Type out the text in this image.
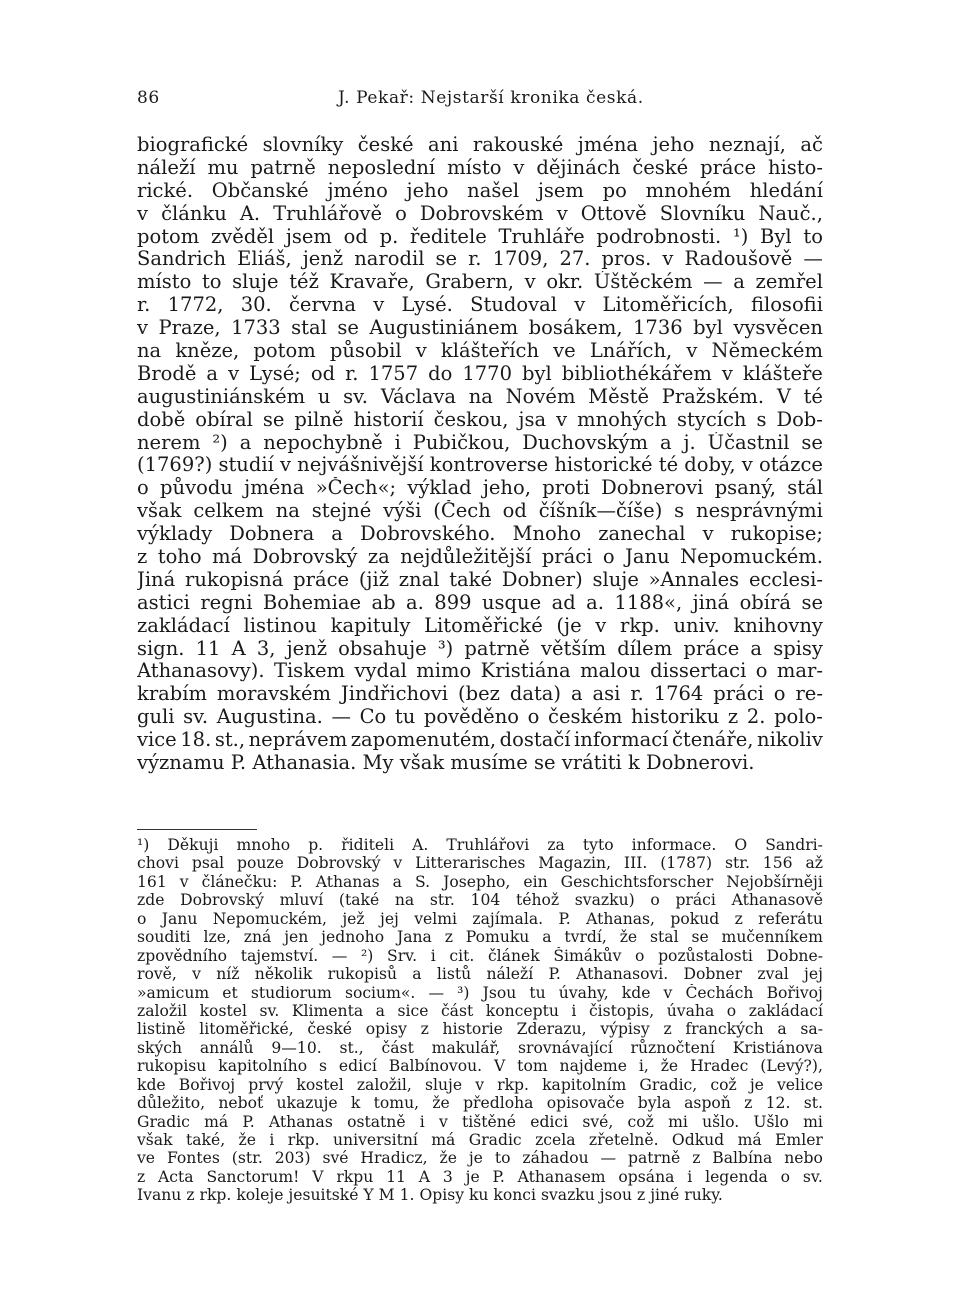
86	J. Pekař: Nejstarší kronika česká.
biografické slovníky české ani rakouské jména jeho neznají, ač
náleží mu patrně neposlední místo v dějinách české práce histo-
rické. Občanské jméno jeho našel jsem po mnohém hledání
v článku A. Truhlářově o Dobrovském v Ottově Slovníku Nauč.,
potom zvěděl jsem od p. ředitele Truhláře podrobnosti. ¹) Byl to
Sandrich Eliáš, jenž narodil se r. 1709, 27. pros. v Radoušově —
místo to sluje též Kravaře, Grabern, v okr. Úštěckém — a zemřel
r. 1772, 30. června v Lysé. Studoval v Litoměřicích, filosofii
v Praze, 1733 stal se Augustiniánem bosákem, 1736 byl vysvěcen
na kněze, potom působil v klášteřích ve Lnářích, v Německém
Brodě a v Lysé; od r. 1757 do 1770 byl bibliothékářem v klášteře
augustiniánském u sv. Václava na Novém Městě Pražském. V té
době obíral se pilně historií českou, jsa v mnohých stycích s Dob-
nerem ²) a nepochybně i Pubičkou, Duchovským a j. Účastnil se
(1769?) studií v nejvášnivější kontroverse historické té doby, v otázce
o původu jména »Čech«; výklad jeho, proti Dobnerovi psaný, stál
však celkem na stejné výši (Čech od číšník—číše) s nesprávnými
výklady Dobnera a Dobrovského. Mnoho zanechal v rukopise;
z toho má Dobrovský za nejdůležitější práci o Janu Nepomuckém.
Jiná rukopisná práce (již znal také Dobner) sluje »Annales ecclesi-
astici regni Bohemiae ab a. 899 usque ad a. 1188«, jiná obírá se
zakládací listinou kapituly Litoměřické (je v rkp. univ. knihovny
sign. 11 A 3, jenž obsahuje ³) patrně větším dílem práce a spisy
Athanasovy). Tiskem vydal mimo Kristiána malou dissertaci o mar-
krabím moravském Jindřichovi (bez data) a asi r. 1764 práci o re-
guli sv. Augustina. — Co tu pověděno o českém historiku z 2. polo-
vice 18. st., neprávem zapomenutém, dostačí informací čtenáře, nikoliv
významu P. Athanasia. My však musíme se vrátiti k Dobnerovi.
¹) Děkuji mnoho p. řiditeli A. Truhlářovi za tyto informace. O Sandri-
chovi psal pouze Dobrovský v Litterarisches Magazin, III. (1787) str. 156 až
161 v článečku: P. Athanas a S. Josepho, ein Geschichtsforscher Nejobšírněji
zde Dobrovský mluví (také na str. 104 téhož svazku) o práci Athanasově
o Janu Nepomuckém, jež jej velmi zajímala. P. Athanas, pokud z referátu
souditi lze, zná jen jednoho Jana z Pomuku a tvrdí, že stal se mučenníkem
zpovědního tajemství. — ²) Srv. i cit. článek Šimákův o pozůstalosti Dobne-
rově, v níž několik rukopisů a listů náleží P. Athanasovi. Dobner zval jej
»amicum et studiorum socium«. — ³) Jsou tu úvahy, kde v Čechách Bořivoj
založil kostel sv. Klimenta a sice část konceptu i čistopis, úvaha o zakládací
listině litoměřické, české opisy z historie Zderazu, výpisy z franckých a sa-
ských annálů 9—10. st., část makulář, srovnávající různočtení Kristiánova
rukopisu kapitolního s edicí Balbínovou. V tom najdeme i, že Hradec (Levý?),
kde Bořivoj prvý kostel založil, sluje v rkp. kapitolním Gradic, což je velice
důležito, neboť ukazuje k tomu, že předloha opisovače byla aspoň z 12. st.
Gradic má P. Athanas ostatně i v tištěné edici své, což mi ušlo. Ušlo mi
však také, že i rkp. universitní má Gradic zcela zřetelně. Odkud má Emler
ve Fontes (str. 203) své Hradicz, že je to záhadou — patrně z Balbína nebo
z Acta Sanctorum! V rkpu 11 A 3 je P. Athanasem opsána i legenda o sv.
Ivanu z rkp. koleje jesuitské Y M 1. Opisy ku konci svazku jsou z jiné ruky.
